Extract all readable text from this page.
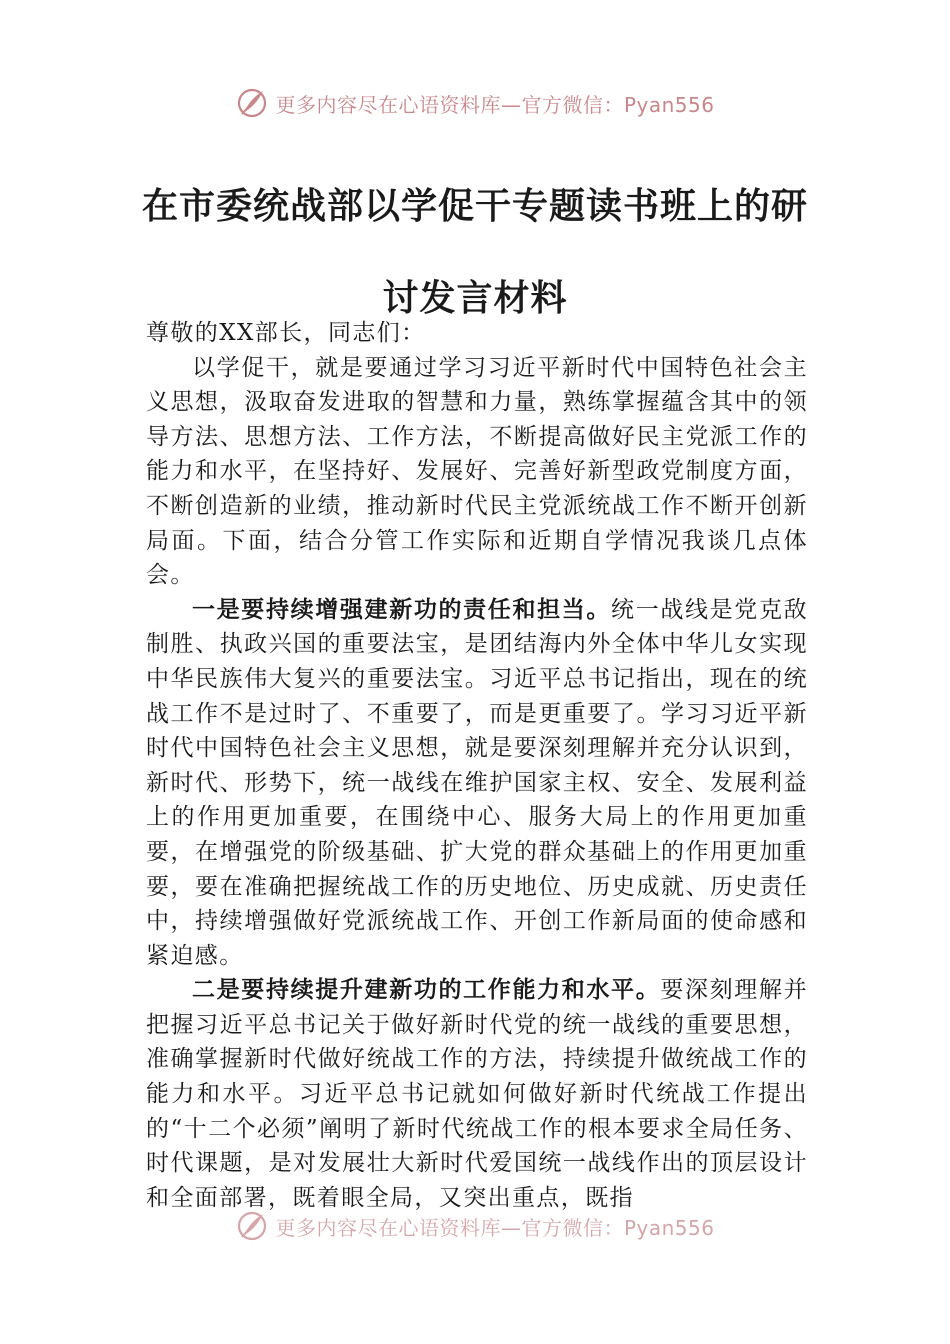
更多内容尽在心语资料库—官方微信：Pyan556
在市委统战部以学促干专题读书班上的研讨发言材料

尊敬的XX部长，同志们：

以学促干，就是要通过学习习近平新时代中国特色社会主义思想，汲取奋发进取的智慧和力量，熟练掌握蕴含其中的领导方法、思想方法、工作方法，不断提高做好民主党派工作的能力和水平，在坚持好、发展好、完善好新型政党制度方面，不断创造新的业绩，推动新时代民主党派统战工作不断开创新局面。下面，结合分管工作实际和近期自学情况我谈几点体会。

一是要持续增强建新功的责任和担当。统一战线是党克敌制胜、执政兴国的重要法宝，是团结海内外全体中华儿女实现中华民族伟大复兴的重要法宝。习近平总书记指出，现在的统战工作不是过时了、不重要了，而是更重要了。学习习近平新时代中国特色社会主义思想，就是要深刻理解并充分认识到，新时代、形势下，统一战线在维护国家主权、安全、发展利益上的作用更加重要，在围绕中心、服务大局上的作用更加重要，在增强党的阶级基础、扩大党的群众基础上的作用更加重要，要在准确把握统战工作的历史地位、历史成就、历史责任中，持续增强做好党派统战工作、开创工作新局面的使命感和紧迫感。

二是要持续提升建新功的工作能力和水平。要深刻理解并把握习近平总书记关于做好新时代党的统一战线的重要思想，准确掌握新时代做好统战工作的方法，持续提升做统战工作的能力和水平。习近平总书记就如何做好新时代统战工作提出的“十二个必须”阐明了新时代统战工作的根本要求全局任务、时代课题，是对发展壮大新时代爱国统一战线作出的顶层设计和全面部署，既着眼全局，又突出重点，既指

更多内容尽在心语资料库—官方微信：Pyan556
